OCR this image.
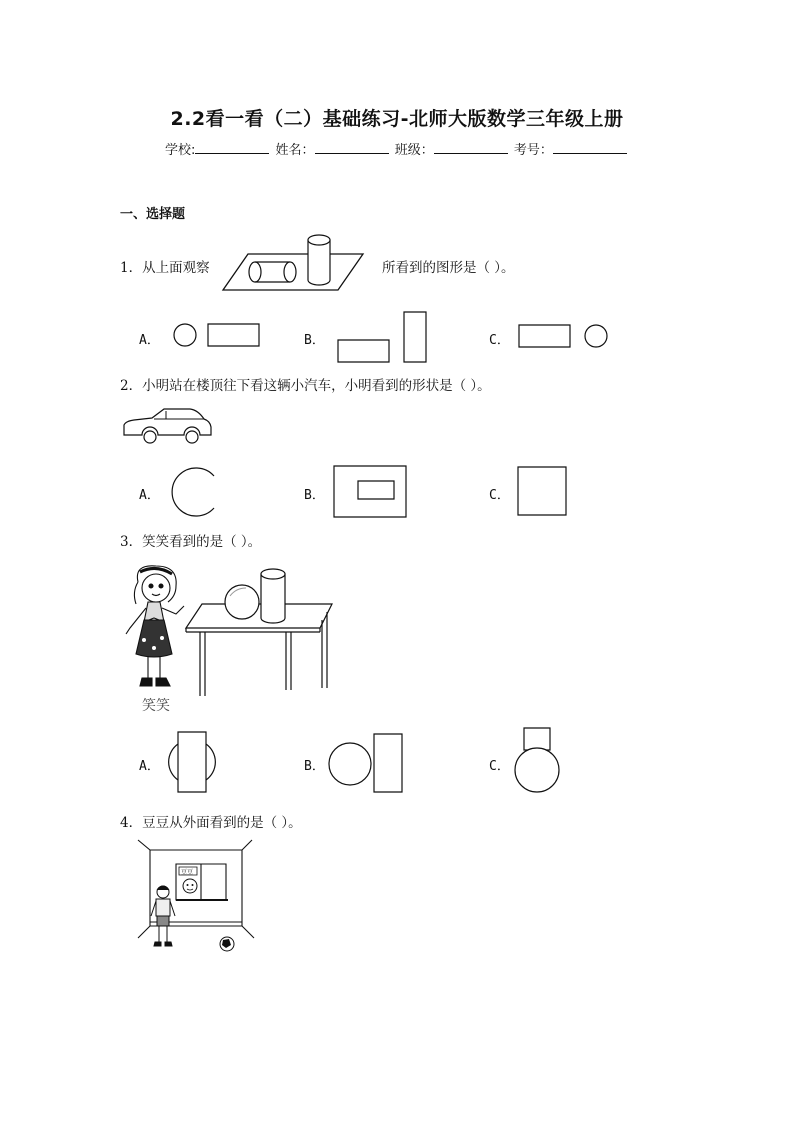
2.2看一看（二）基础练习-北师大版数学三年级上册
学校:	姓名：	班级：	考号：
一、选择题
1．从上面观察	所看到的图形是（ ）。
A．	B．	C．
2．小明站在楼顶往下看这辆小汽车，小明看到的形状是（ ）。
A．	B．	C．
3．笑笑看到的是（ ）。
笑笑
A．	B．	C．
4．豆豆从外面看到的是（ ）。
豆豆
